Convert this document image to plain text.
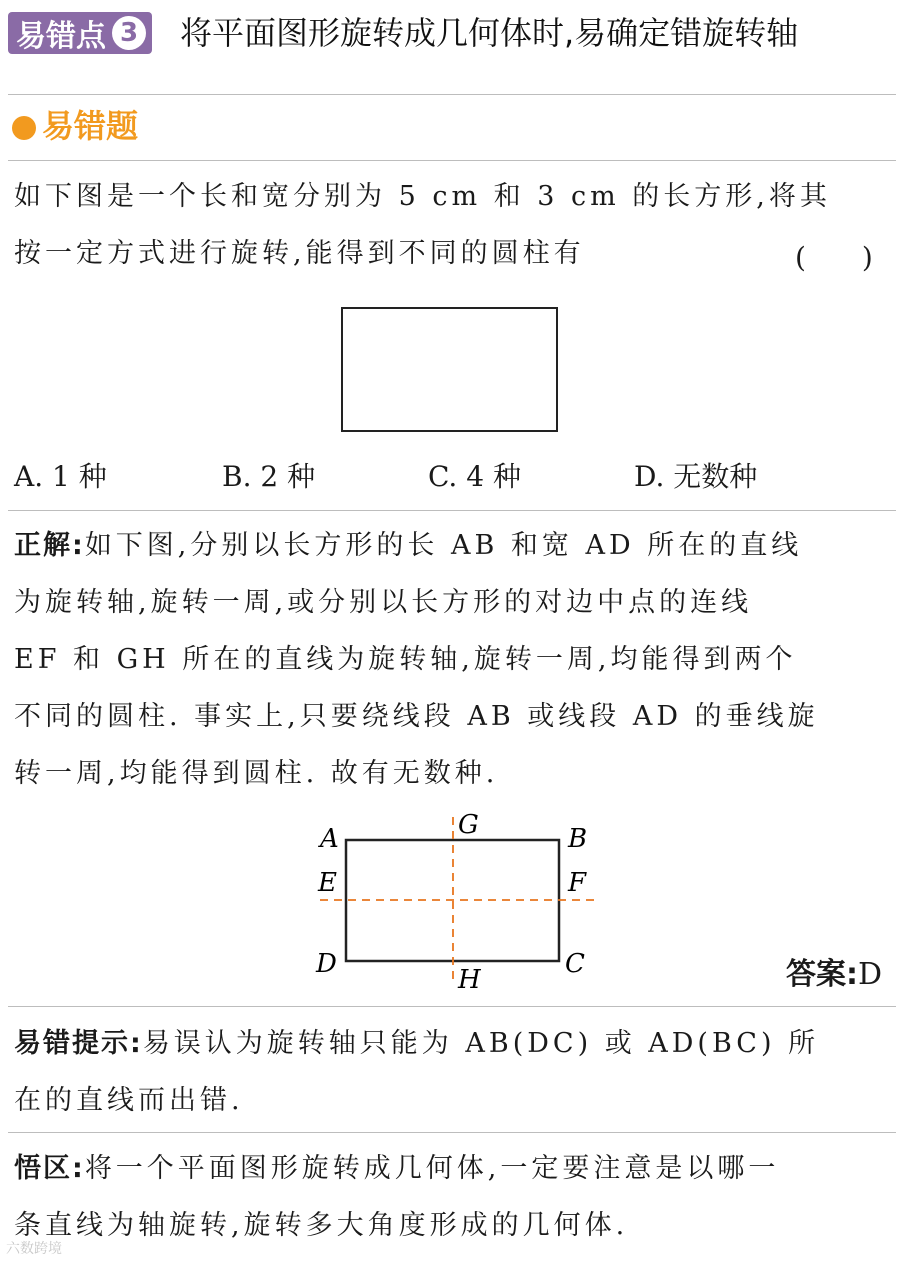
易错点 3 将平面图形旋转成几何体时,易确定错旋转轴
易错题
如下图是一个长和宽分别为 5 cm 和 3 cm 的长方形,将其
按一定方式进行旋转,能得到不同的圆柱有	(　　)
A. 1 种	B. 2 种	C. 4 种	D. 无数种
正解:如下图,分别以长方形的长 AB 和宽 AD 所在的直线
为旋转轴,旋转一周,或分别以长方形的对边中点的连线
EF 和 GH 所在的直线为旋转轴,旋转一周,均能得到两个
不同的圆柱. 事实上,只要绕线段 AB 或线段 AD 的垂线旋
转一周,均能得到圆柱. 故有无数种.
A	B
C
D
E	F
G
H	答案:D
易错提示:易误认为旋转轴只能为 AB(DC) 或 AD(BC) 所
在的直线而出错.
悟区:将一个平面图形旋转成几何体,一定要注意是以哪一
条直线为轴旋转,旋转多大角度形成的几何体.
六数跨境
